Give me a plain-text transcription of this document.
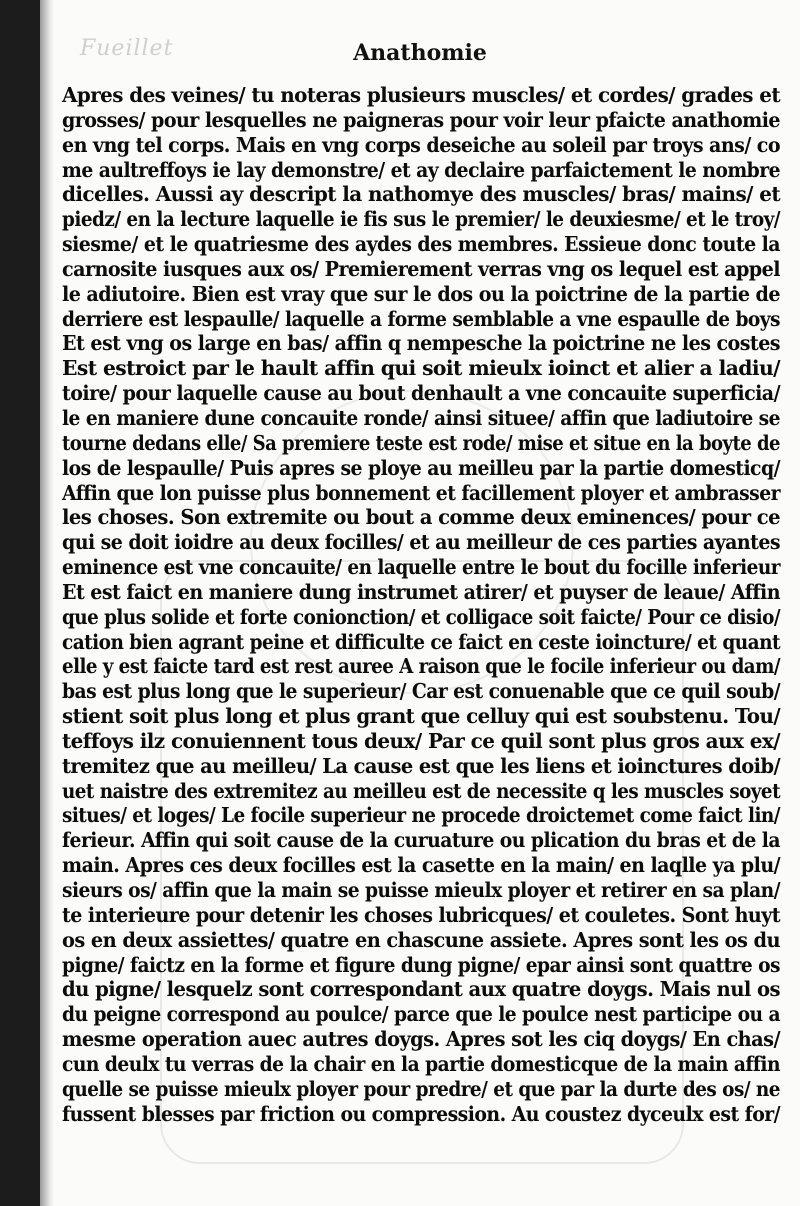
Fueillet	Anathomie
Apres des veines/ tu noteras plusieurs muscles/ et cordes/ grades et
grosses/ pour lesquelles ne paigneras pour voir leur pfaicte anathomie
en vng tel corps. Mais en vng corps deseiche au soleil par troys ans/ co
me aultreffoys ie lay demonstre/ et ay declaire parfaictement le nombre
dicelles. Aussi ay descript la nathomye des muscles/ bras/ mains/ et
piedz/ en la lecture laquelle ie fis sus le premier/ le deuxiesme/ et le troy/
siesme/ et le quatriesme des aydes des membres. Essieue donc toute la
carnosite iusques aux os/ Premierement verras vng os lequel est appel
le adiutoire. Bien est vray que sur le dos ou la poictrine de la partie de
derriere est lespaulle/ laquelle a forme semblable a vne espaulle de boys
Et est vng os large en bas/ affin q nempesche la poictrine ne les costes
Est estroict par le hault affin qui soit mieulx ioinct et alier a ladiu/
toire/ pour laquelle cause au bout denhault a vne concauite superficia/
le en maniere dune concauite ronde/ ainsi situee/ affin que ladiutoire se
tourne dedans elle/ Sa premiere teste est rode/ mise et situe en la boyte de
los de lespaulle/ Puis apres se ploye au meilleu par la partie domesticq/
Affin que lon puisse plus bonnement et facillement ployer et ambrasser
les choses. Son extremite ou bout a comme deux eminences/ pour ce
qui se doit ioidre au deux focilles/ et au meilleur de ces parties ayantes
eminence est vne concauite/ en laquelle entre le bout du focille inferieur
Et est faict en maniere dung instrumet atirer/ et puyser de leaue/ Affin
que plus solide et forte conionction/ et colligace soit faicte/ Pour ce disio/
cation bien agrant peine et difficulte ce faict en ceste ioincture/ et quant
elle y est faicte tard est rest auree A raison que le focile inferieur ou dam/
bas est plus long que le superieur/ Car est conuenable que ce quil soub/
stient soit plus long et plus grant que celluy qui est soubstenu. Tou/
teffoys ilz conuiennent tous deux/ Par ce quil sont plus gros aux ex/
tremitez que au meilleu/ La cause est que les liens et ioinctures doib/
uet naistre des extremitez au meilleu est de necessite q les muscles soyet
situes/ et loges/ Le focile superieur ne procede droictemet come faict lin/
ferieur. Affin qui soit cause de la curuature ou plication du bras et de la
main. Apres ces deux focilles est la casette en la main/ en laqlle ya plu/
sieurs os/ affin que la main se puisse mieulx ployer et retirer en sa plan/
te interieure pour detenir les choses lubricques/ et couletes. Sont huyt
os en deux assiettes/ quatre en chascune assiete. Apres sont les os du
pigne/ faictz en la forme et figure dung pigne/ epar ainsi sont quattre os
du pigne/ lesquelz sont correspondant aux quatre doygs. Mais nul os
du peigne correspond au poulce/ parce que le poulce nest participe ou a
mesme operation auec autres doygs. Apres sot les ciq doygs/ En chas/
cun deulx tu verras de la chair en la partie domesticque de la main affin
quelle se puisse mieulx ployer pour predre/ et que par la durte des os/ ne
fussent blesses par friction ou compression. Au coustez dyceulx est for/
